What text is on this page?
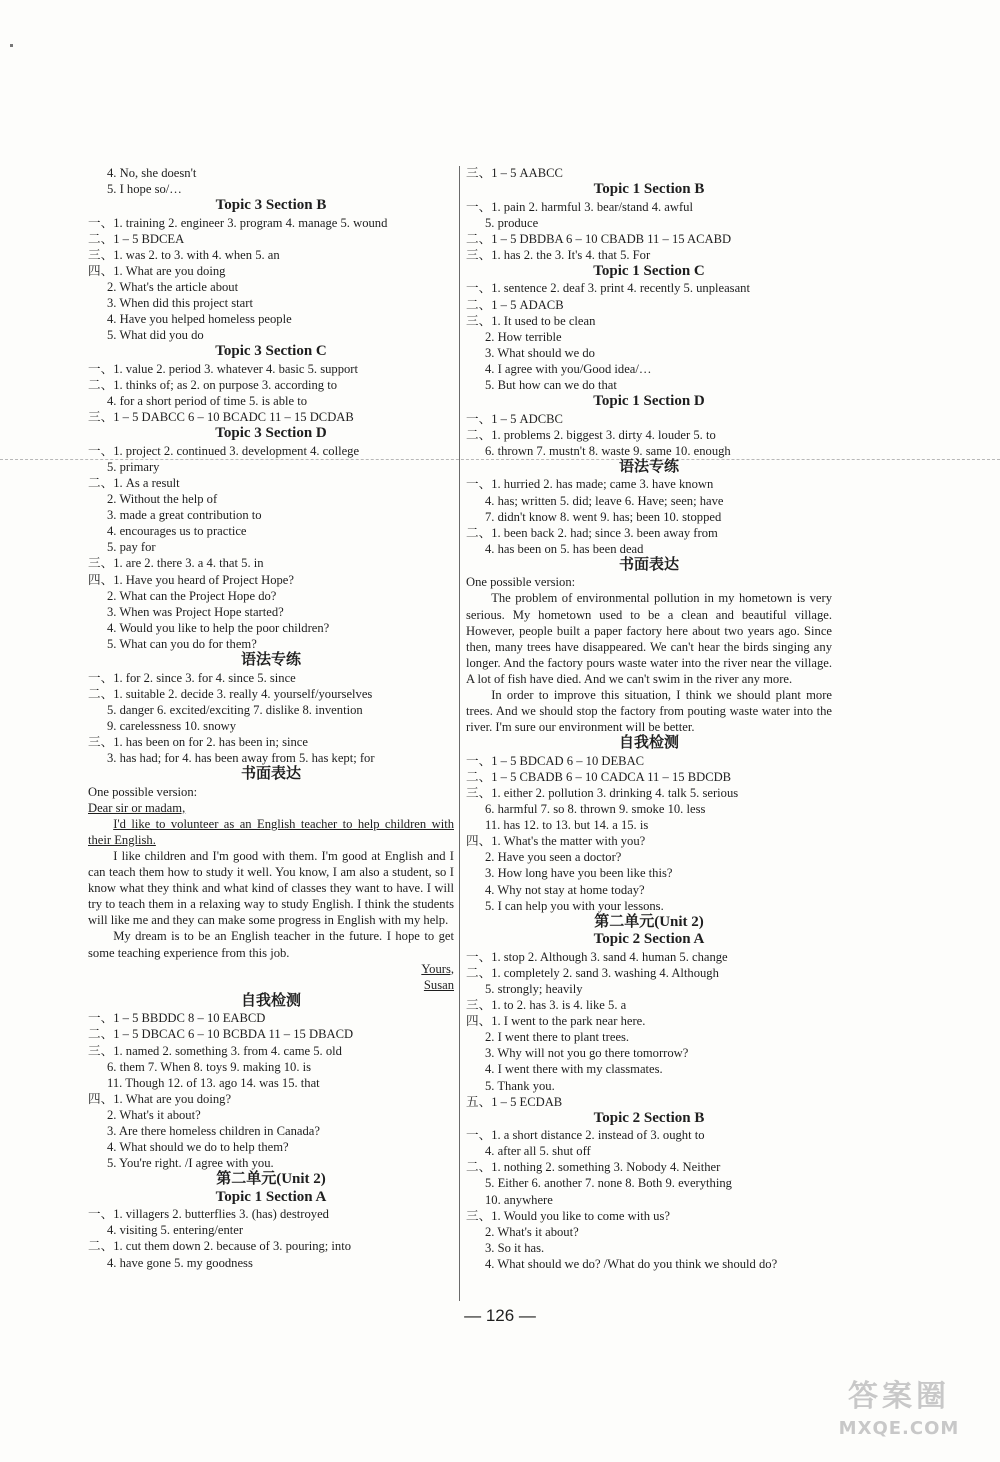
4. No, she doesn't
5. I hope so/…
Topic 3 Section B
一、1. training 2. engineer 3. program 4. manage 5. wound
二、1 – 5 BDCEA
三、1. was 2. to 3. with 4. when 5. an
四、1. What are you doing
2. What's the article about
3. When did this project start
4. Have you helped homeless people
5. What did you do
Topic 3 Section C
一、1. value 2. period 3. whatever 4. basic 5. support
二、1. thinks of; as 2. on purpose 3. according to
4. for a short period of time 5. is able to
三、1 – 5 DABCC 6 – 10 BCADC 11 – 15 DCDAB
Topic 3 Section D
一、1. project 2. continued 3. development 4. college
5. primary
二、1. As a result
2. Without the help of
3. made a great contribution to
4. encourages us to practice
5. pay for
三、1. are 2. there 3. a 4. that 5. in
四、1. Have you heard of Project Hope?
2. What can the Project Hope do?
3. When was Project Hope started?
4. Would you like to help the poor children?
5. What can you do for them?
语法专练
一、1. for 2. since 3. for 4. since 5. since
二、1. suitable 2. decide 3. really 4. yourself/yourselves
5. danger 6. excited/exciting 7. dislike 8. invention
9. carelessness 10. snowy
三、1. has been on for 2. has been in; since
3. has had; for 4. has been away from 5. has kept; for
书面表达
One possible version:
Dear sir or madam,
I'd like to volunteer as an English teacher to help children with their English.
I like children and I'm good with them. I'm good at English and I can teach them how to study it well. You know, I am also a student, so I know what they think and what kind of classes they want to have. I will try to teach them in a relaxing way to study English. I think the students will like me and they can make some progress in English with my help.
My dream is to be an English teacher in the future. I hope to get some teaching experience from this job.
Yours,
Susan
自我检测
一、1 – 5 BBDDC 8 – 10 EABCD
二、1 – 5 DBCAC 6 – 10 BCBDA 11 – 15 DBACD
三、1. named 2. something 3. from 4. came 5. old
6. them 7. When 8. toys 9. making 10. is
11. Though 12. of 13. ago 14. was 15. that
四、1. What are you doing?
2. What's it about?
3. Are there homeless children in Canada?
4. What should we do to help them?
5. You're right. /I agree with you.
第二单元(Unit 2)
Topic 1 Section A
一、1. villagers 2. butterflies 3. (has) destroyed
4. visiting 5. entering/enter
二、1. cut them down 2. because of 3. pouring; into
4. have gone 5. my goodness
三、1 – 5 AABCC
Topic 1 Section B
一、1. pain 2. harmful 3. bear/stand 4. awful
5. produce
二、1 – 5 DBDBA 6 – 10 CBADB 11 – 15 ACABD
三、1. has 2. the 3. It's 4. that 5. For
Topic 1 Section C
一、1. sentence 2. deaf 3. print 4. recently 5. unpleasant
二、1 – 5 ADACB
三、1. It used to be clean
2. How terrible
3. What should we do
4. I agree with you/Good idea/…
5. But how can we do that
Topic 1 Section D
一、1 – 5 ADCBC
二、1. problems 2. biggest 3. dirty 4. louder 5. to
6. thrown 7. mustn't 8. waste 9. same 10. enough
语法专练
一、1. hurried 2. has made; came 3. have known
4. has; written 5. did; leave 6. Have; seen; have
7. didn't know 8. went 9. has; been 10. stopped
二、1. been back 2. had; since 3. been away from
4. has been on 5. has been dead
书面表达
One possible version:
The problem of environmental pollution in my hometown is very serious. My hometown used to be a clean and beautiful village. However, people built a paper factory here about two years ago. Since then, many trees have disappeared. We can't hear the birds singing any longer. And the factory pours waste water into the river near the village. A lot of fish have died. And we can't swim in the river any more.
In order to improve this situation, I think we should plant more trees. And we should stop the factory from pouting waste water into the river. I'm sure our environment will be better.
自我检测
一、1 – 5 BDCAD 6 – 10 DEBAC
二、1 – 5 CBADB 6 – 10 CADCA 11 – 15 BDCDB
三、1. either 2. pollution 3. drinking 4. talk 5. serious
6. harmful 7. so 8. thrown 9. smoke 10. less
11. has 12. to 13. but 14. a 15. is
四、1. What's the matter with you?
2. Have you seen a doctor?
3. How long have you been like this?
4. Why not stay at home today?
5. I can help you with your lessons.
第二单元(Unit 2)
Topic 2 Section A
一、1. stop 2. Although 3. sand 4. human 5. change
二、1. completely 2. sand 3. washing 4. Although
5. strongly; heavily
三、1. to 2. has 3. is 4. like 5. a
四、1. I went to the park near here.
2. I went there to plant trees.
3. Why will not you go there tomorrow?
4. I went there with my classmates.
5. Thank you.
五、1 – 5 ECDAB
Topic 2 Section B
一、1. a short distance 2. instead of 3. ought to
4. after all 5. shut off
二、1. nothing 2. something 3. Nobody 4. Neither
5. Either 6. another 7. none 8. Both 9. everything
10. anywhere
三、1. Would you like to come with us?
2. What's it about?
3. So it has.
4. What should we do? /What do you think we should do?
— 126 —
答案圈
MXQE.COM
